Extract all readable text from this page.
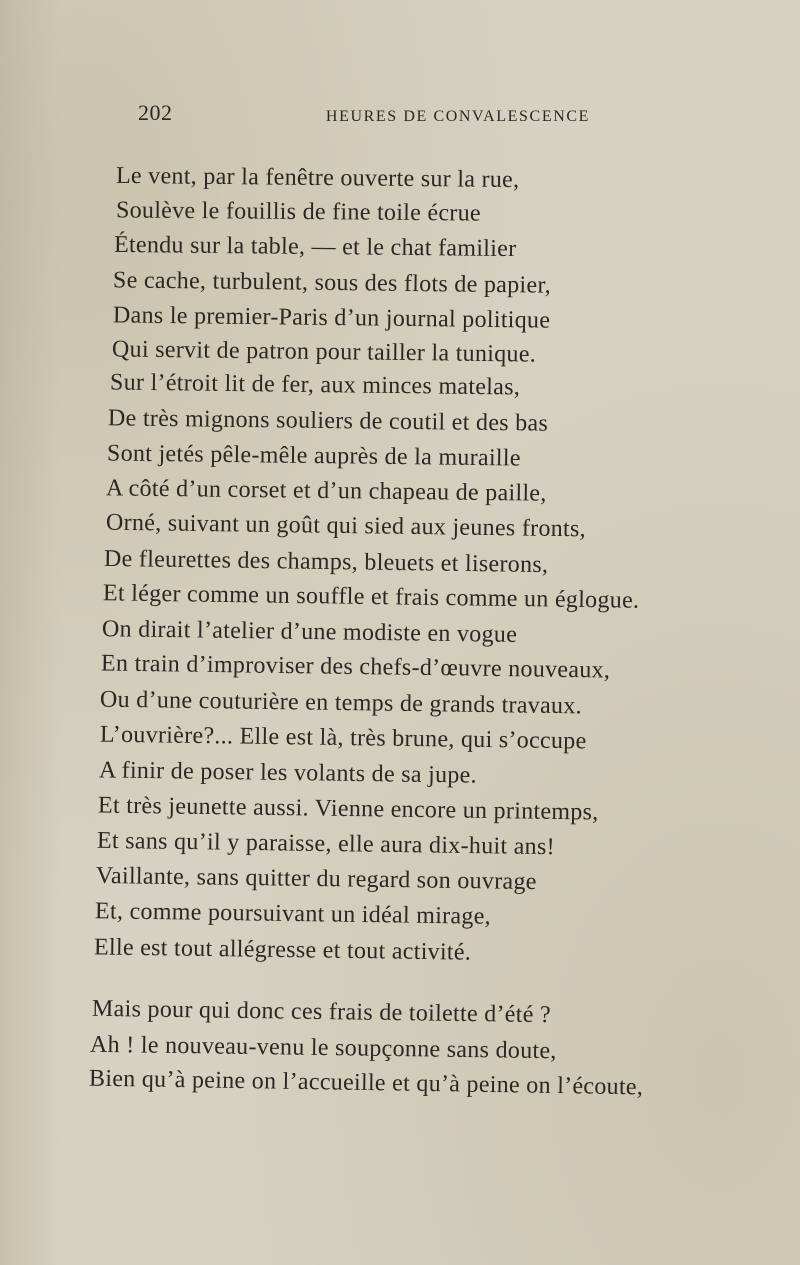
202	HEURES DE CONVALESCENCE
Le vent, par la fenêtre ouverte sur la rue,
Soulève le fouillis de fine toile écrue
Étendu sur la table, — et le chat familier
Se cache, turbulent, sous des flots de papier,
Dans le premier-Paris d’un journal politique
Qui servit de patron pour tailler la tunique.
Sur l’étroit lit de fer, aux minces matelas,
De très mignons souliers de coutil et des bas
Sont jetés pêle-mêle auprès de la muraille
A côté d’un corset et d’un chapeau de paille,
Orné, suivant un goût qui sied aux jeunes fronts,
De fleurettes des champs, bleuets et liserons,
Et léger comme un souffle et frais comme un églogue.
On dirait l’atelier d’une modiste en vogue
En train d’improviser des chefs-d’œuvre nouveaux,
Ou d’une couturière en temps de grands travaux.
L’ouvrière?... Elle est là, très brune, qui s’occupe
A finir de poser les volants de sa jupe.
Et très jeunette aussi. Vienne encore un printemps,
Et sans qu’il y paraisse, elle aura dix-huit ans!
Vaillante, sans quitter du regard son ouvrage
Et, comme poursuivant un idéal mirage,
Elle est tout allégresse et tout activité.
Mais pour qui donc ces frais de toilette d’été ?
Ah ! le nouveau-venu le soupçonne sans doute,
Bien qu’à peine on l’accueille et qu’à peine on l’écoute,
